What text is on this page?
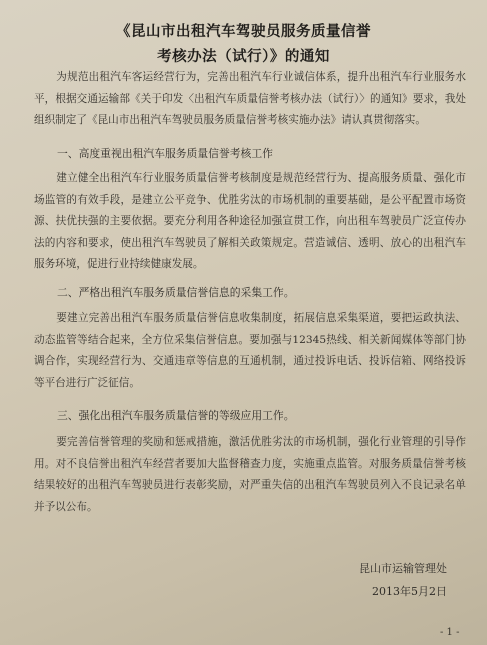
《昆山市出租汽车驾驶员服务质量信誉
考核办法（试行）》的通知
为规范出租汽车客运经营行为，完善出租汽车行业诚信体系，提升出租汽车行业服务水平，根据交通运输部《关于印发〈出租汽车质量信誉考核办法（试行）〉的通知》要求，我处组织制定了《昆山市出租汽车驾驶员服务质量信誉考核实施办法》请认真贯彻落实。
一、高度重视出租汽车服务质量信誉考核工作
建立健全出租汽车行业服务质量信誉考核制度是规范经营行为、提高服务质量、强化市场监管的有效手段，是建立公平竞争、优胜劣汰的市场机制的重要基础，是公平配置市场资源、扶优扶强的主要依据。要充分利用各种途径加强宣贯工作，向出租车驾驶员广泛宣传办法的内容和要求，使出租汽车驾驶员了解相关政策规定。营造诚信、透明、放心的出租汽车服务环境，促进行业持续健康发展。
二、严格出租汽车服务质量信誉信息的采集工作。
要建立完善出租汽车服务质量信誉信息收集制度，拓展信息采集渠道，要把运政执法、动态监管等结合起来，全方位采集信誉信息。要加强与12345热线、相关新闻媒体等部门协调合作，实现经营行为、交通违章等信息的互通机制，通过投诉电话、投诉信箱、网络投诉等平台进行广泛征信。
三、强化出租汽车服务质量信誉的等级应用工作。
要完善信誉管理的奖励和惩戒措施，激活优胜劣汰的市场机制，强化行业管理的引导作用。对不良信誉出租汽车经营者要加大监督稽查力度，实施重点监管。对服务质量信誉考核结果较好的出租汽车驾驶员进行表彰奖励，对严重失信的出租汽车驾驶员列入不良记录名单并予以公布。
昆山市运输管理处
2013年5月2日
- 1 -
